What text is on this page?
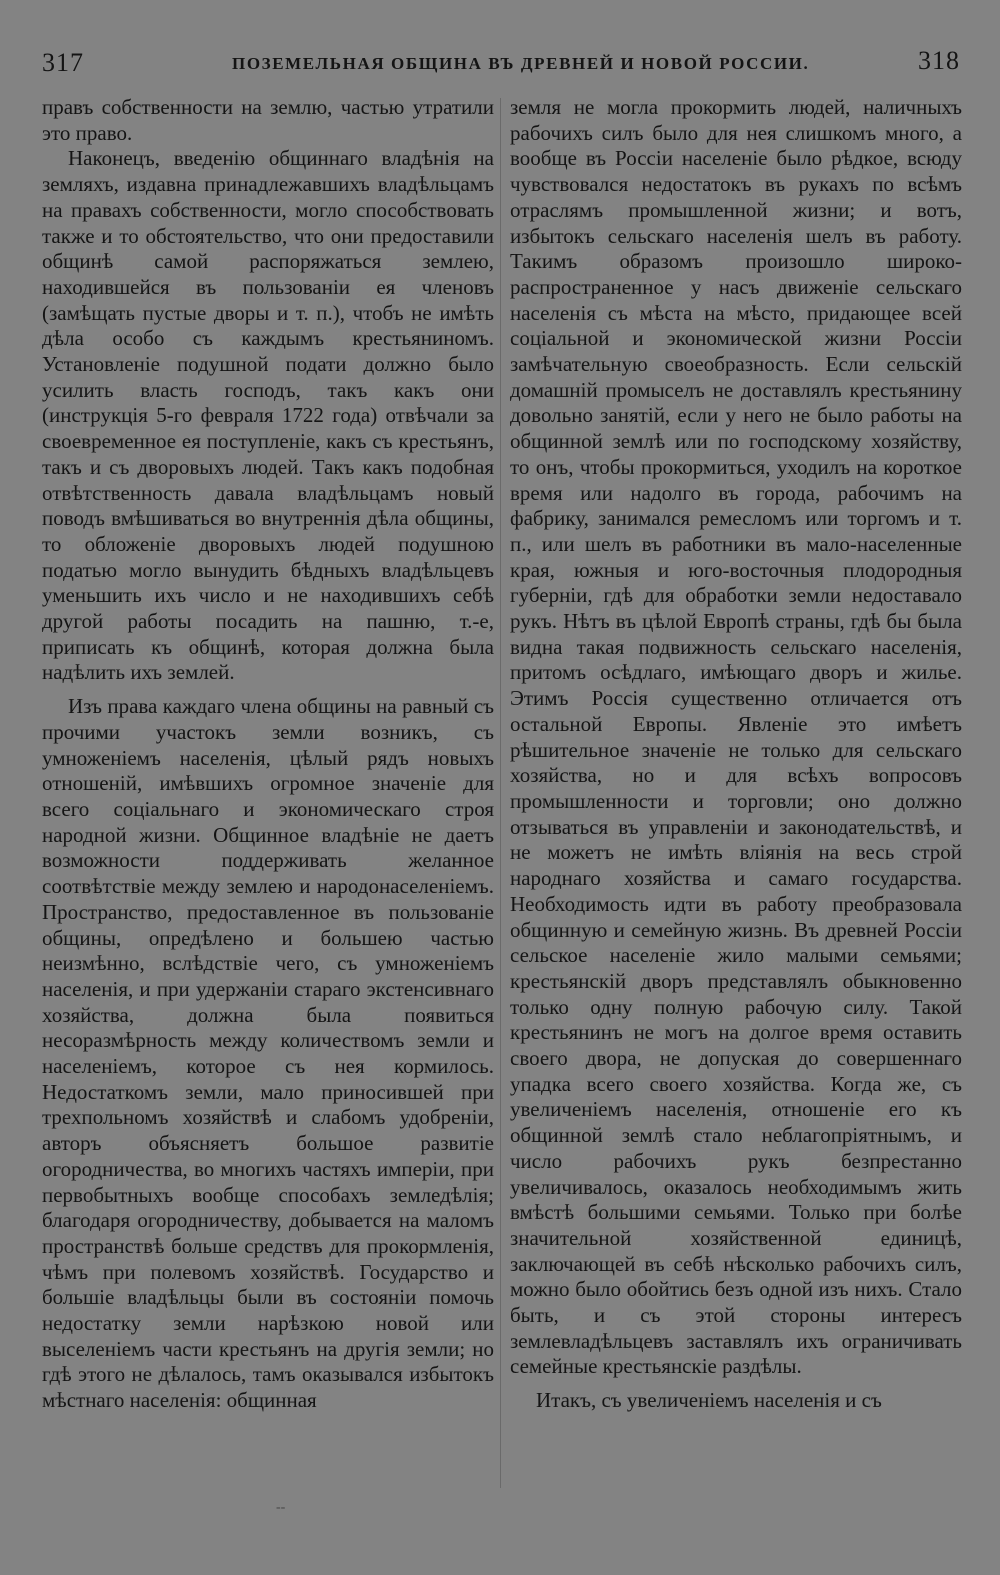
317	ПОЗЕМЕЛЬНАЯ ОБЩИНА ВЪ ДРЕВНЕЙ И НОВОЙ РОССИИ.	318

правъ собственности на землю, частью утратили это право.

Наконецъ, введенію общиннаго владѣнія на земляхъ, издавна принадлежавшихъ владѣльцамъ на правахъ собственности, могло способствовать также и то обстоятельство, что они предоставили общинѣ самой распоряжаться землею, находившейся въ пользованіи ея членовъ (замѣщать пустые дворы и т. п.), чтобъ не имѣть дѣла особо съ каждымъ крестьяниномъ. Установленіе подушной подати должно было усилить власть господъ, такъ какъ они (инструкція 5-го февраля 1722 года) отвѣчали за своевременное ея поступленіе, какъ съ крестьянъ, такъ и съ дворовыхъ людей. Такъ какъ подобная отвѣтственность давала владѣльцамъ новый поводъ вмѣшиваться во внутреннія дѣла общины, то обложеніе дворовыхъ людей подушною податью могло вынудить бѣдныхъ владѣльцевъ уменьшить ихъ число и не находившихъ себѣ другой работы посадить на пашню, т.-е, приписать къ общинѣ, которая должна была надѣлить ихъ землей.

Изъ права каждаго члена общины на равный съ прочими участокъ земли возникъ, съ умноженіемъ населенія, цѣлый рядъ новыхъ отношеній, имѣвшихъ огромное значеніе для всего соціальнаго и экономическаго строя народной жизни. Общинное владѣніе не даетъ возможности поддерживать желанное соотвѣтствіе между землею и народонаселеніемъ. Пространство, предоставленное въ пользованіе общины, опредѣлено и большею частью неизмѣнно, вслѣдствіе чего, съ умноженіемъ населенія, и при удержаніи стараго экстенсивнаго хозяйства, должна была появиться несоразмѣрность между количествомъ земли и населеніемъ, которое съ нея кормилось. Недостаткомъ земли, мало приносившей при трехпольномъ хозяйствѣ и слабомъ удобреніи, авторъ объясняетъ большое развитіе огородничества, во многихъ частяхъ имперіи, при первобытныхъ вообще способахъ земледѣлія; благодаря огородничеству, добывается на маломъ пространствѣ больше средствъ для прокормленія, чѣмъ при полевомъ хозяйствѣ. Государство и большіе владѣльцы были въ состояніи помочь недостатку земли нарѣзкою новой или выселеніемъ части крестьянъ на другія земли; но гдѣ этого не дѣлалось, тамъ оказывался избытокъ мѣстнаго населенія: общинная

земля не могла прокормить людей, наличныхъ рабочихъ силъ было для нея слишкомъ много, а вообще въ Россіи населеніе было рѣдкое, всюду чувствовался недостатокъ въ рукахъ по всѣмъ отраслямъ промышленной жизни; и вотъ, избытокъ сельскаго населенія шелъ въ работу. Такимъ образомъ произошло широко-распространенное у насъ движеніе сельскаго населенія съ мѣста на мѣсто, придающее всей соціальной и экономической жизни Россіи замѣчательную своеобразность. Если сельскій домашній промыселъ не доставлялъ крестьянину довольно занятій, если у него не было работы на общинной землѣ или по господскому хозяйству, то онъ, чтобы прокормиться, уходилъ на короткое время или надолго въ города, рабочимъ на фабрику, занимался ремесломъ или торгомъ и т. п., или шелъ въ работники въ мало-населенные края, южныя и юго-восточныя плодородныя губерніи, гдѣ для обработки земли недоставало рукъ. Нѣтъ въ цѣлой Европѣ страны, гдѣ бы была видна такая подвижность сельскаго населенія, притомъ осѣдлаго, имѣющаго дворъ и жилье. Этимъ Россія существенно отличается отъ остальной Европы. Явленіе это имѣетъ рѣшительное значеніе не только для сельскаго хозяйства, но и для всѣхъ вопросовъ промышленности и торговли; оно должно отзываться въ управленіи и законодательствѣ, и не можетъ не имѣть вліянія на весь строй народнаго хозяйства и самаго государства. Необходимость идти въ работу преобразовала общинную и семейную жизнь. Въ древней Россіи сельское населеніе жило малыми семьями; крестьянскій дворъ представлялъ обыкновенно только одну полную рабочую силу. Такой крестьянинъ не могъ на долгое время оставить своего двора, не допуская до совершеннаго упадка всего своего хозяйства. Когда же, съ увеличеніемъ населенія, отношеніе его къ общинной землѣ стало неблагопріятнымъ, и число рабочихъ рукъ безпрестанно увеличивалось, оказалось необходимымъ жить вмѣстѣ большими семьями. Только при болѣе значительной хозяйственной единицѣ, заключающей въ себѣ нѣсколько рабочихъ силъ, можно было обойтись безъ одной изъ нихъ. Стало быть, и съ этой стороны интересъ землевладѣльцевъ заставлялъ ихъ ограничивать семейные крестьянскіе раздѣлы.

Итакъ, съ увеличеніемъ населенія и съ

--
